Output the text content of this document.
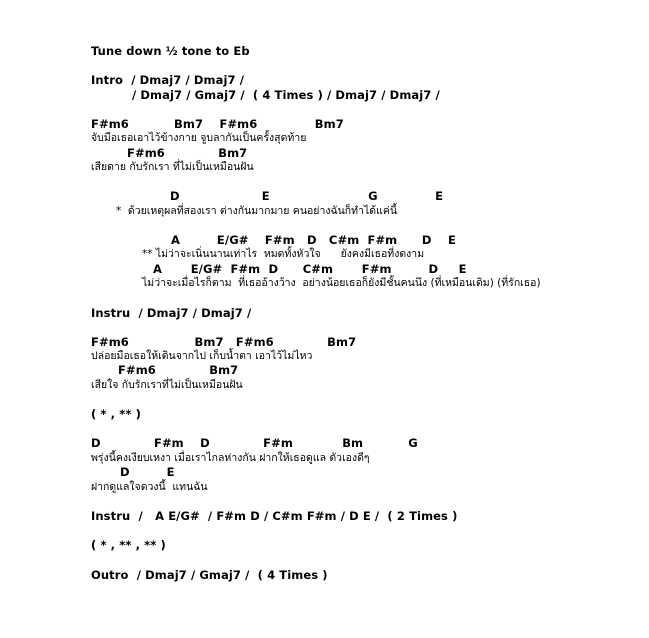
Tune down ½ tone to Eb
Intro  / Dmaj7 / Dmaj7 /
/ Dmaj7 / Gmaj7 /  ( 4 Times ) / Dmaj7 / Dmaj7 /
F#m6           Bm7    F#m6              Bm7
จับมือเธอเอาไว้ข้างกาย จูบลากันเป็นครั้งสุดท้าย
F#m6             Bm7
เสียดาย กับรักเรา ที่ไม่เป็นเหมือนฝัน
D                    E                        G              E
*  ด้วยเหตุผลที่สองเรา ต่างกันมากมาย คนอย่างฉันก็ทำได้แค่นี้
A         E/G#    F#m   D   C#m  F#m      D    E
** ไม่ว่าจะเนิ่นนานเท่าไร  หมดทั้งหัวใจ      ยังคงมีเธอที่งดงาม
A       E/G#  F#m  D      C#m       F#m         D     E
ไม่ว่าจะเมื่อไรก็ตาม  ที่เธออ้างว้าง  อย่างน้อยเธอก็ยังมีชั้นคนนึง (ที่เหมือนเดิม) (ที่รักเธอ)
Instru  / Dmaj7 / Dmaj7 /
F#m6                Bm7   F#m6             Bm7
ปล่อยมือเธอให้เดินจากไป เก็บน้ำตา เอาไว้ไม่ไหว
F#m6             Bm7
เสียใจ กับรักเราที่ไม่เป็นเหมือนฝัน
( * , ** )
D             F#m    D             F#m            Bm           G
พรุ่งนี้คงเงียบเหงา เมื่อเราไกลห่างกัน ฝากให้เธอดูแล ตัวเองดีๆ
D         E
ฝากดูแลใจดวงนี้  แทนฉัน
Instru  /   A E/G#  / F#m D / C#m F#m / D E /  ( 2 Times )
( * , ** , ** )
Outro  / Dmaj7 / Gmaj7 /  ( 4 Times )
